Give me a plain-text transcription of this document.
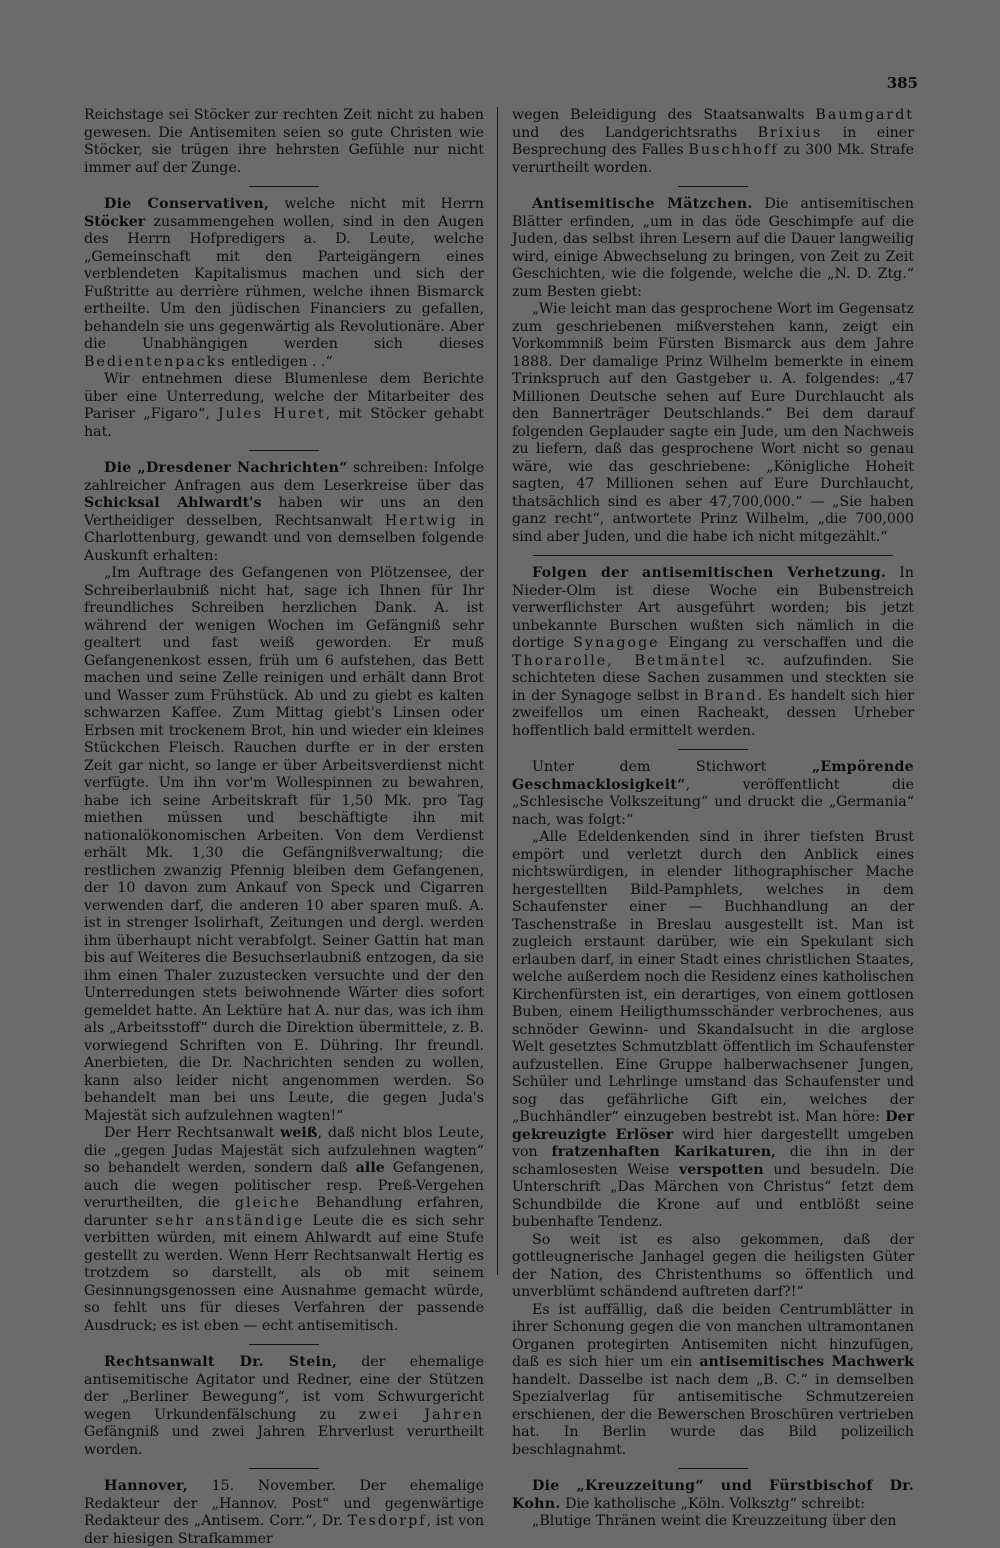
385

Reichstage sei Stöcker zur rechten Zeit nicht zu haben gewesen. Die Antisemiten seien so gute Christen wie Stöcker, sie trügen ihre hehrsten Gefühle nur nicht immer auf der Zunge.

Die Conservativen, welche nicht mit Herrn Stöcker zusammengehen wollen, sind in den Augen des Herrn Hofpredigers a. D. Leute, welche „Gemeinschaft mit den Parteigängern eines verblendeten Kapitalismus machen und sich der Fußtritte au derrière rühmen, welche ihnen Bismarck ertheilte. Um den jüdischen Financiers zu gefallen, behandeln sie uns gegenwärtig als Revolutionäre. Aber die Unabhängigen werden sich dieses Bedientenpacks entledigen . .“

Wir entnehmen diese Blumenlese dem Berichte über eine Unterredung, welche der Mitarbeiter des Pariser „Figaro“, Jules Huret, mit Stöcker gehabt hat.

Die „Dresdener Nachrichten“ schreiben: Infolge zahlreicher Anfragen aus dem Leserkreise über das Schicksal Ahlwardt's haben wir uns an den Vertheidiger desselben, Rechtsanwalt Hertwig in Charlottenburg, gewandt und von demselben folgende Auskunft erhalten:

„Im Auftrage des Gefangenen von Plötzensee, der Schreiberlaubniß nicht hat, sage ich Ihnen für Ihr freundliches Schreiben herzlichen Dank. A. ist während der wenigen Wochen im Gefängniß sehr gealtert und fast weiß geworden. Er muß Gefangenenkost essen, früh um 6 aufstehen, das Bett machen und seine Zelle reinigen und erhält dann Brot und Wasser zum Frühstück. Ab und zu giebt es kalten schwarzen Kaffee. Zum Mittag giebt's Linsen oder Erbsen mit trockenem Brot, hin und wieder ein kleines Stückchen Fleisch. Rauchen durfte er in der ersten Zeit gar nicht, so lange er über Arbeitsverdienst nicht verfügte. Um ihn vor'm Wollespinnen zu bewahren, habe ich seine Arbeitskraft für 1,50 Mk. pro Tag miethen müssen und beschäftigte ihn mit nationalökonomischen Arbeiten. Von dem Verdienst erhält Mk. 1,30 die Gefängnißverwaltung; die restlichen zwanzig Pfennig bleiben dem Gefangenen, der 10 davon zum Ankauf von Speck und Cigarren verwenden darf, die anderen 10 aber sparen muß. A. ist in strenger Isolirhaft, Zeitungen und dergl. werden ihm überhaupt nicht verabfolgt. Seiner Gattin hat man bis auf Weiteres die Besuchserlaubniß entzogen, da sie ihm einen Thaler zuzustecken versuchte und der den Unterredungen stets beiwohnende Wärter dies sofort gemeldet hatte. An Lektüre hat A. nur das, was ich ihm als „Arbeitsstoff“ durch die Direktion übermittele, z. B. vorwiegend Schriften von E. Dühring. Ihr freundl. Anerbieten, die Dr. Nachrichten senden zu wollen, kann also leider nicht angenommen werden. So behandelt man bei uns Leute, die gegen Juda's Majestät sich aufzulehnen wagten!“

Der Herr Rechtsanwalt weiß, daß nicht blos Leute, die „gegen Judas Majestät sich aufzulehnen wagten“ so behandelt werden, sondern daß alle Gefangenen, auch die wegen politischer resp. Preß-Vergehen verurtheilten, die gleiche Behandlung erfahren, darunter sehr anständige Leute die es sich sehr verbitten würden, mit einem Ahlwardt auf eine Stufe gestellt zu werden. Wenn Herr Rechtsanwalt Hertig es trotzdem so darstellt, als ob mit seinem Gesinnungsgenossen eine Ausnahme gemacht würde, so fehlt uns für dieses Verfahren der passende Ausdruck; es ist eben — echt antisemitisch.

Rechtsanwalt Dr. Stein, der ehemalige antisemitische Agitator und Redner, eine der Stützen der „Berliner Bewegung“, ist vom Schwurgericht wegen Urkundenfälschung zu zwei Jahren Gefängniß und zwei Jahren Ehrverlust verurtheilt worden.

Hannover, 15. November. Der ehemalige Redakteur der „Hannov. Post“ und gegenwärtige Redakteur des „Antisem. Corr.“, Dr. Tesdorpf, ist von der hiesigen Strafkammer

wegen Beleidigung des Staatsanwalts Baumgardt und des Landgerichtsraths Brixius in einer Besprechung des Falles Buschhoff zu 300 Mk. Strafe verurtheilt worden.

Antisemitische Mätzchen. Die antisemitischen Blätter erfinden, „um in das öde Geschimpfe auf die Juden, das selbst ihren Lesern auf die Dauer langweilig wird, einige Abwechselung zu bringen, von Zeit zu Zeit Geschichten, wie die folgende, welche die „N. D. Ztg.“ zum Besten giebt:

„Wie leicht man das gesprochene Wort im Gegensatz zum geschriebenen mißverstehen kann, zeigt ein Vorkommniß beim Fürsten Bismarck aus dem Jahre 1888. Der damalige Prinz Wilhelm bemerkte in einem Trinkspruch auf den Gastgeber u. A. folgendes: „47 Millionen Deutsche sehen auf Eure Durchlaucht als den Bannerträger Deutschlands.“ Bei dem darauf folgenden Geplauder sagte ein Jude, um den Nachweis zu liefern, daß das gesprochene Wort nicht so genau wäre, wie das geschriebene: „Königliche Hoheit sagten, 47 Millionen sehen auf Eure Durchlaucht, thatsächlich sind es aber 47,700,000.“ — „Sie haben ganz recht“, antwortete Prinz Wilhelm, „die 700,000 sind aber Juden, und die habe ich nicht mitgezählt.“

Folgen der antisemitischen Verhetzung. In Nieder-Olm ist diese Woche ein Bubenstreich verwerflichster Art ausgeführt worden; bis jetzt unbekannte Burschen wußten sich nämlich in die dortige Synagoge Eingang zu verschaffen und die Thorarolle, Betmäntel ꝛc. aufzufinden. Sie schichteten diese Sachen zusammen und steckten sie in der Synagoge selbst in Brand. Es handelt sich hier zweifellos um einen Racheakt, dessen Urheber hoffentlich bald ermittelt werden.

Unter dem Stichwort „Empörende Geschmacklosigkeit“, veröffentlicht die „Schlesische Volkszeitung“ und druckt die „Germania“ nach, was folgt:“

„Alle Edeldenkenden sind in ihrer tiefsten Brust empört und verletzt durch den Anblick eines nichtswürdigen, in elender lithographischer Mache hergestellten Bild-Pamphlets, welches in dem Schaufenster einer — Buchhandlung an der Taschenstraße in Breslau ausgestellt ist. Man ist zugleich erstaunt darüber, wie ein Spekulant sich erlauben darf, in einer Stadt eines christlichen Staates, welche außerdem noch die Residenz eines katholischen Kirchenfürsten ist, ein derartiges, von einem gottlosen Buben, einem Heiligthumsschänder verbrochenes, aus schnöder Gewinn- und Skandalsucht in die arglose Welt gesetztes Schmutzblatt öffentlich im Schaufenster aufzustellen. Eine Gruppe halberwachsener Jungen, Schüler und Lehrlinge umstand das Schaufenster und sog das gefährliche Gift ein, welches der „Buchhändler“ einzugeben bestrebt ist. Man höre: Der gekreuzigte Erlöser wird hier dargestellt umgeben von fratzenhaften Karikaturen, die ihn in der schamlosesten Weise verspotten und besudeln. Die Unterschrift „Das Märchen von Christus“ ſetzt dem Schundbilde die Krone auf und entblößt seine bubenhafte Tendenz.

So weit ist es also gekommen, daß der gottleugnerische Janhagel gegen die heiligsten Güter der Nation, des Christenthums so öffentlich und unverblümt schändend auftreten darf?!“

Es ist auffällig, daß die beiden Centrumblätter in ihrer Schonung gegen die von manchen ultramontanen Organen protegirten Antisemiten nicht hinzufügen, daß es sich hier um ein antisemitisches Machwerk handelt. Dasselbe ist nach dem „B. C.“ in demselben Spezialverlag für antisemitische Schmutzereien erschienen, der die Bewerschen Broschüren vertrieben hat. In Berlin wurde das Bild polizeilich beschlagnahmt.

Die „Kreuzzeitung“ und Fürstbischof Dr. Kohn. Die katholische „Köln. Volksztg“ schreibt:

„Blutige Thränen weint die Kreuzzeitung über den
